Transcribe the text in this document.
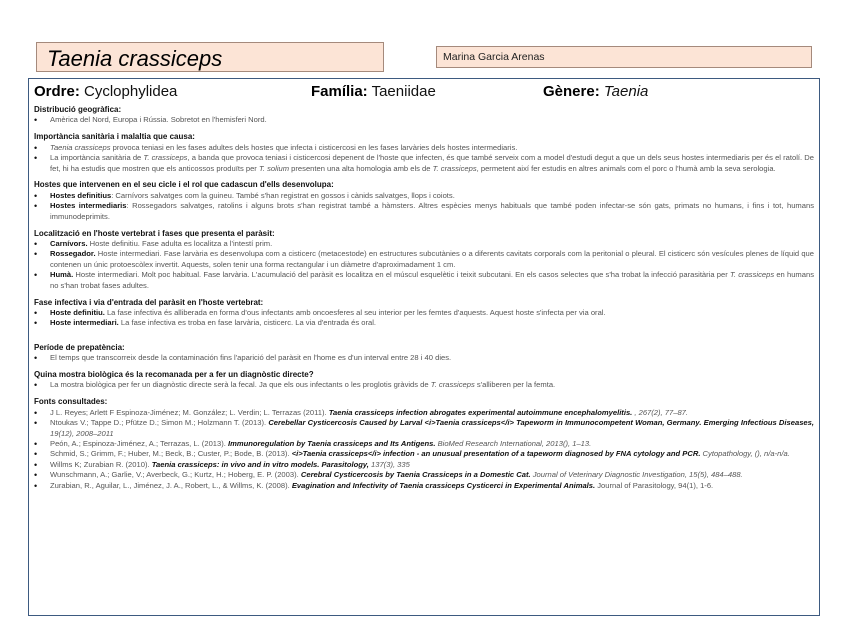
Taenia crassiceps	Marina Garcia Arenas
Ordre: Cyclophylidea	Família: Taeniidae	Gènere: Taenia
Distribució geogràfica:
• Amèrica del Nord, Europa i Rússia. Sobretot en l'hemisferi Nord.
Importància sanitària i malaltia que causa:
• Taenia crassiceps provoca teniasi en les fases adultes dels hostes que infecta i cisticercosi en les fases larvàries dels hostes intermediaris.
• La importància sanitària de T. crassiceps, a banda que provoca teniasi i cisticercosi depenent de l'hoste que infecten, és que també serveix com a model d'estudi degut a que un dels seus hostes intermediaris per és el ratolí. De fet, hi ha estudis que mostren que els anticossos produïts per T. solium presenten una alta homologia amb els de T. crassiceps, permetent així fer estudis en altres animals com el porc o l'humà amb la seva serologia.
Hostes que intervenen en el seu cicle i el rol que cadascun d'ells desenvolupa:
• Hostes definitius: Carnívors salvatges com la guineu. També s'han registrat en gossos i cànids salvatges, llops i coiots.
• Hostes intermediaris: Rossegadors salvatges, ratolins i alguns brots s'han registrat també a hàmsters. Altres espècies menys habituals que també poden infectar-se són gats, primats no humans, i fins i tot, humans immunodeprimits.
Localització en l'hoste vertebrat i fases que presenta el paràsit:
• Carnívors. Hoste definitiu. Fase adulta es localitza a l'intestí prim.
• Rossegador. Hoste intermediari. Fase larvària es desenvolupa com a cisticerc (metacestode) en estructures subcutànies o a diferents cavitats corporals com la peritonial o pleural. El cisticerc són vesícules plenes de líquid que contenen un únic protoescòlex invertit. Aquests, solen tenir una forma rectangular i un diàmetre d'aproximadament 1 cm.
• Humà. Hoste intermediari. Molt poc habitual. Fase larvària. L'acumulació del paràsit es localitza en el múscul esquelètic i teixit subcutani. En els casos selectes que s'ha trobat la infecció parasitària per T. crassiceps en humans no s'han trobat fases adultes.
Fase infectiva i via d'entrada del paràsit en l'hoste vertebrat:
• Hoste definitiu. La fase infectiva és alliberada en forma d'ous infectants amb oncoesferes al seu interior per les femtes d'aquests. Aquest hoste s'infecta per via oral.
• Hoste intermediari. La fase infectiva es troba en fase larvària, cisticerc. La via d'entrada és oral.
Període de prepatència:
• El temps que transcorreix desde la contaminación fins l'aparició del paràsit en l'home es d'un interval entre 28 i 40 dies.
Quina mostra biològica és la recomanada per a fer un diagnòstic directe?
• La mostra biològica per fer un diagnòstic directe serà la fecal. Ja que els ous infectants o les proglotis gràvids de T. crassiceps s'alliberen per la femta.
Fonts consultades:
• J L. Reyes; Arlett F Espinoza-Jiménez; M. González; L. Verdin; L. Terrazas (2011). Taenia crassiceps infection abrogates experimental autoimmune encephalomyelitis. , 267(2), 77–87.
• Ntoukas V.; Tappe D.; Pfütze D.; Simon M.; Holzmann T. (2013). Cerebellar Cysticercosis Caused by Larval <i>Taenia crassiceps</i> Tapeworm in Immunocompetent Woman, Germany. Emerging Infectious Diseases, 19(12), 2008–2011
• Peón, A.; Espinoza-Jiménez, A.; Terrazas, L. (2013). Immunoregulation by Taenia crassiceps and Its Antigens. BioMed Research International, 2013(), 1–13.
• Schmid, S.; Grimm, F.; Huber, M.; Beck, B.; Custer, P.; Bode, B. (2013). <i>Taenia crassiceps</i> infection - an unusual presentation of a tapeworm diagnosed by FNA cytology and PCR. Cytopathology, (), n/a-n/a.
• Willms K; Zurabian R. (2010). Taenia crassiceps: in vivo and in vitro models. Parasitology, 137(3), 335
• Wunschmann, A.; Garlie, V.; Averbeck, G.; Kurtz, H.; Hoberg, E. P. (2003). Cerebral Cysticercosis by Taenia Crassiceps in a Domestic Cat. Journal of Veterinary Diagnostic Investigation, 15(5), 484–488.
• Zurabian, R., Aguilar, L., Jiménez, J. A., Robert, L., & Willms, K. (2008). Evagination and Infectivity of Taenia crassiceps Cysticerci in Experimental Animals. Journal of Parasitology, 94(1), 1-6.
